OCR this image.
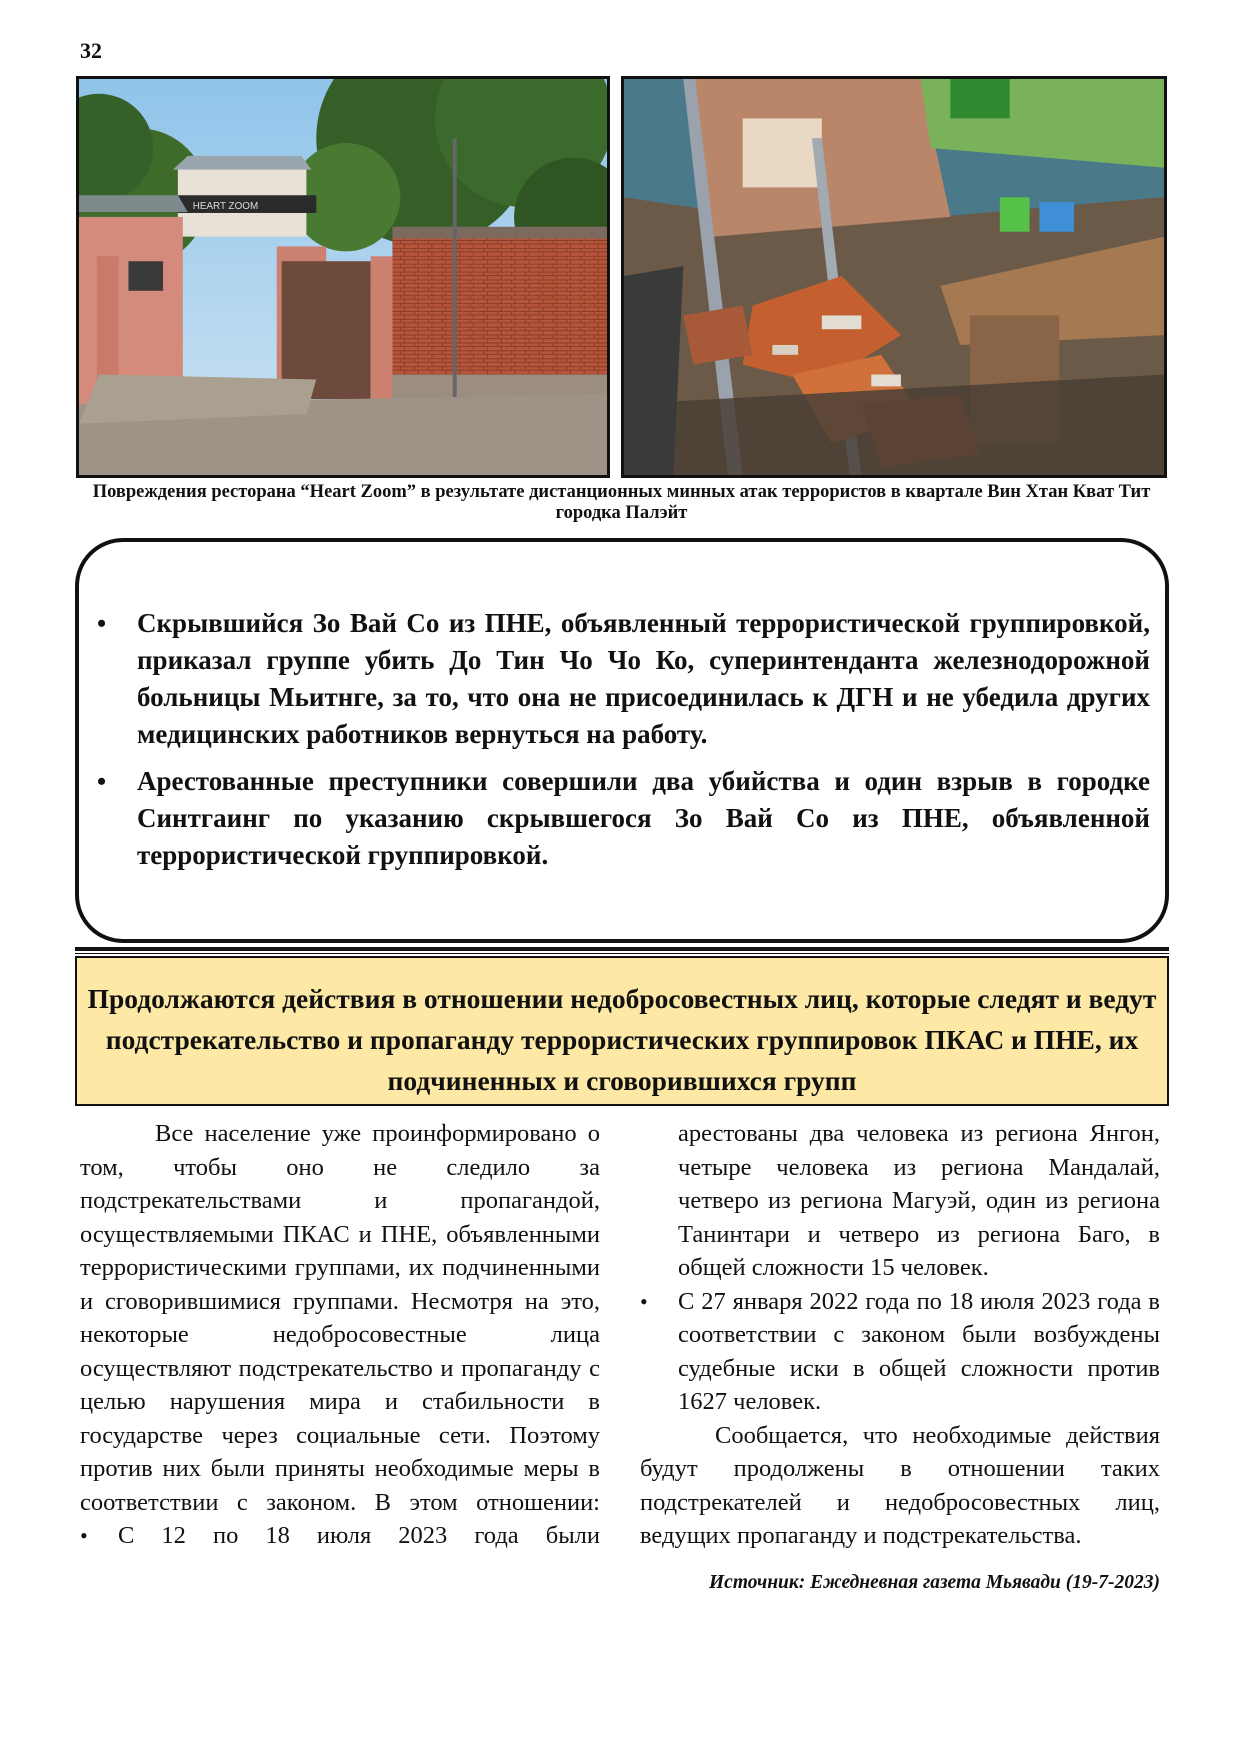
32
HEART ZOOM
Повреждения ресторана “Heart Zoom” в результате дистанционных минных атак террористов в квартале Вин Хтан Кват Тит городка Палэйт
• Скрывшийся Зо Вай Со из ПНЕ, объявленный террористической группировкой, приказал группе убить До Тин Чо Чо Ко, суперинтенданта железнодорожной больницы Мьитнге, за то, что она не присоединилась к ДГН и не убедила других медицинских работников вернуться на работу.
• Арестованные преступники совершили два убийства и один взрыв в городке Синтгаинг по указанию скрывшегося Зо Вай Со из ПНЕ, объявленной террористической группировкой.
Продолжаются действия в отношении недобросовестных лиц, которые следят и ведут подстрекательство и пропаганду террористических группировок ПКАС и ПНЕ, их подчиненных и сговорившихся групп

Все население уже проинформировано о том, чтобы оно не следило за подстрекательствами и пропагандой, осуществляемыми ПКАС и ПНЕ, объявленными террористическими группами, их подчиненными и сговорившимися группами. Несмотря на это, некоторые недобросовестные лица осуществляют подстрекательство и пропаганду с целью нарушения мира и стабильности в государстве через социальные сети. Поэтому против них были приняты необходимые меры в соответствии с законом. В этом отношении:

• С 12 по 18 июля 2023 года были

арестованы два человека из региона Янгон, четыре человека из региона Мандалай, четверо из региона Магуэй, один из региона Танинтари и четверо из региона Баго, в общей сложности 15 человек.

• С 27 января 2022 года по 18 июля 2023 года в соответствии с законом были возбуждены судебные иски в общей сложности против 1627 человек.

Сообщается, что необходимые действия будут продолжены в отношении таких подстрекателей и недобросовестных лиц, ведущих пропаганду и подстрекательства.

Источник: Ежедневная газета Мьявади (19-7-2023)
